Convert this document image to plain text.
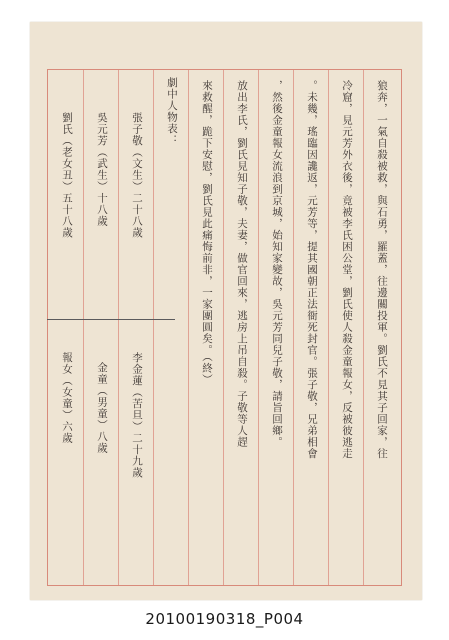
狼奔，一氣自殺被救，與石勇，羅蓋，往邊關投軍。劉氏不見其子回家，往
冷窟，見元芳外衣後，竟被李氏困公堂，劉氏使人殺金童報女，反被彼逃走
。未幾，瑤臨因讒返，元芳等，提其國朝正法衙死封官。張子敬，兄弟相會
，然後金童報女流浪到京城，始知家變故，吳元芳同兒子敬，請旨回鄉。
放出李氏，劉氏見知子敬，夫妻，做官回來，逃房上吊自殺。子敬等人趕
來救醒，跪下安慰，劉氏見此痛悔前非，一家團圓矣。（終）
劇中人物表：
張子敬（文生）二十八歲
吳元芳（武生）十八歲
劉氏（老女丑）五十八歲
李金蓮（苦旦）二十九歲
金童（男童）八歲
報女（女童）六歲
20100190318_P004
